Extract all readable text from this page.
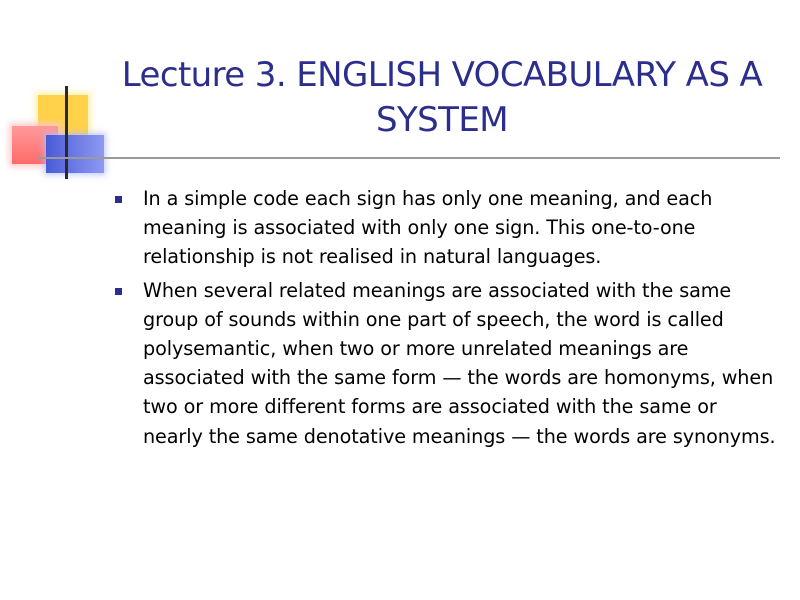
Lecture 3. ENGLISH VOCABULARY AS A SYSTEM
In a simple code each sign has only one meaning, and each meaning is associated with only one sign. This one-to-one relationship is not realised in natural languages.
When several related meanings are associated with the same group of sounds within one part of speech, the word is called polysemantic, when two or more unrelated meanings are associated with the same form — the words are homonyms, when two or more different forms are associated with the same or nearly the same denotative meanings — the words are synonyms.
